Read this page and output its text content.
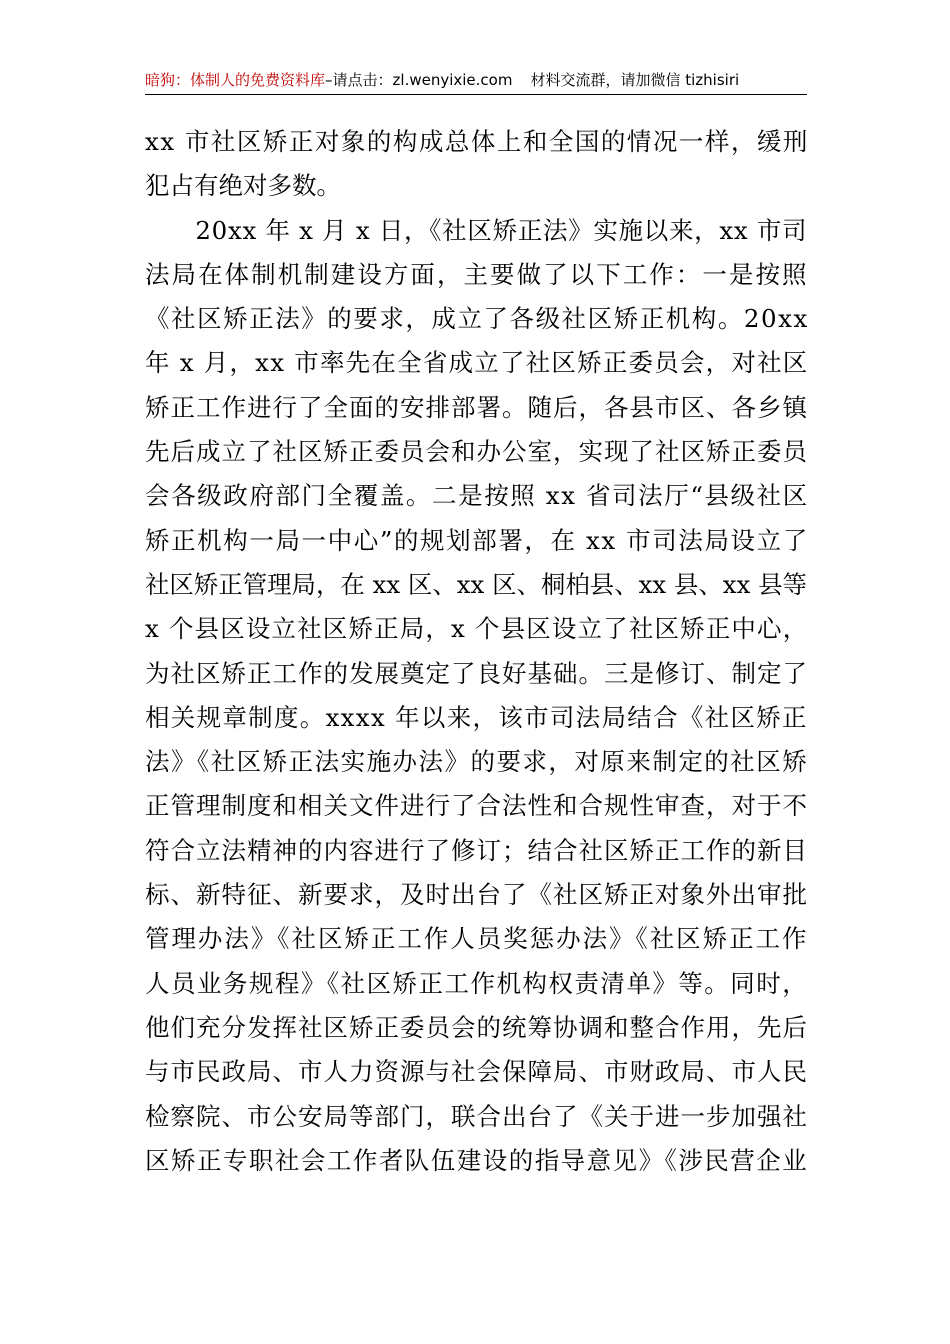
暗狗：体制人的免费资料库 –请点击： zl.wenyixie.com 材料交流群，请加微信 tizhisiri
xx 市社区矫正对象的构成总体上和全国的情况一样，缓刑
犯占有绝对多数。
　　20xx 年 x 月 x 日，《社区矫正法》实施以来，xx 市司
法局在体制机制建设方面，主要做了以下工作：一是按照
《社区矫正法》的要求，成立了各级社区矫正机构。20xx
年 x 月，xx 市率先在全省成立了社区矫正委员会，对社区
矫正工作进行了全面的安排部署。随后，各县市区、各乡镇
先后成立了社区矫正委员会和办公室，实现了社区矫正委员
会各级政府部门全覆盖。二是按照 xx 省司法厅“县级社区
矫正机构一局一中心”的规划部署，在 xx 市司法局设立了
社区矫正管理局，在 xx 区、xx 区、桐柏县、xx 县、xx 县等
x 个县区设立社区矫正局，x 个县区设立了社区矫正中心，
为社区矫正工作的发展奠定了良好基础。三是修订、制定了
相关规章制度。xxxx 年以来，该市司法局结合《社区矫正
法》《社区矫正法实施办法》的要求，对原来制定的社区矫
正管理制度和相关文件进行了合法性和合规性审查，对于不
符合立法精神的内容进行了修订；结合社区矫正工作的新目
标、新特征、新要求，及时出台了《社区矫正对象外出审批
管理办法》《社区矫正工作人员奖惩办法》《社区矫正工作
人员业务规程》《社区矫正工作机构权责清单》等。同时，
他们充分发挥社区矫正委员会的统筹协调和整合作用，先后
与市民政局、市人力资源与社会保障局、市财政局、市人民
检察院、市公安局等部门，联合出台了《关于进一步加强社
区矫正专职社会工作者队伍建设的指导意见》《涉民营企业
